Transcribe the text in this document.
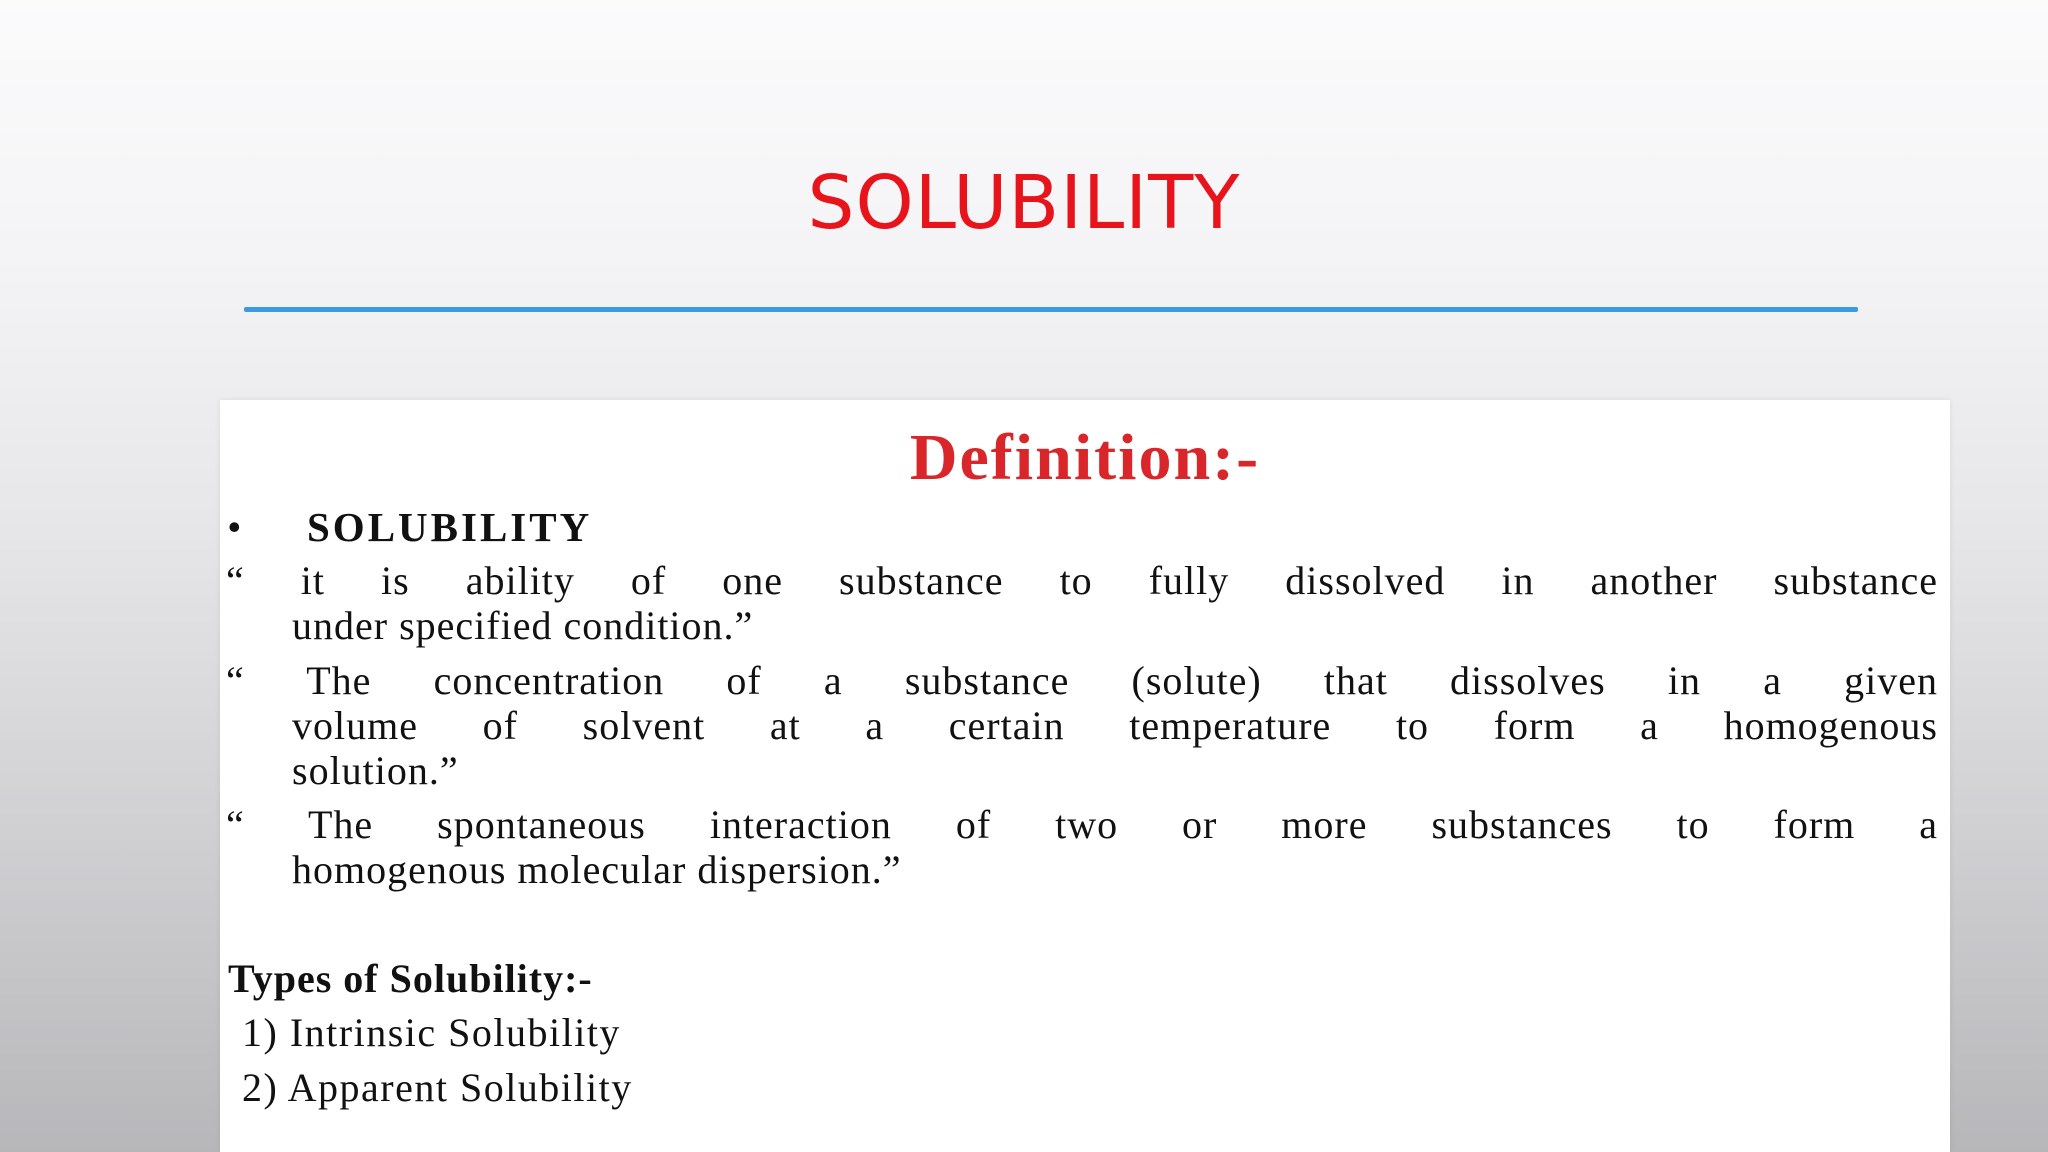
SOLUBILITY
Definition:-
• SOLUBILITY
“ it is ability of one substance to fully dissolved in another substance
under specified condition.”
“ The concentration of a substance (solute) that dissolves in a given
volume of solvent at a certain temperature to form a homogenous
solution.”
“ The spontaneous interaction of two or more substances to form a
homogenous molecular dispersion.”
Types of Solubility:-
1) Intrinsic Solubility
2) Apparent Solubility
